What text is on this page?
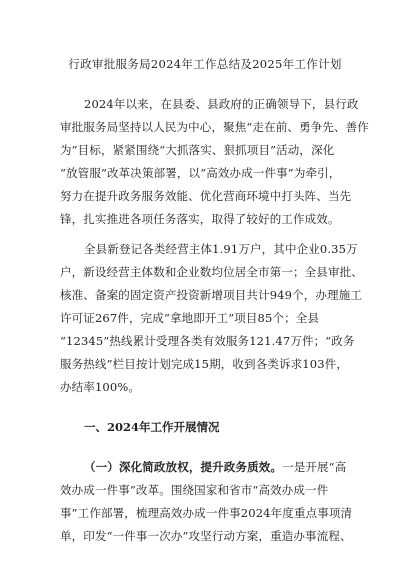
行政审批服务局2024年工作总结及2025年工作计划
2024年以来，在县委、县政府的正确领导下，县行政
审批服务局坚持以人民为中心，聚焦“走在前、勇争先、善作
为”目标，紧紧围绕“大抓落实、狠抓项目”活动，深化
“放管服”改革决策部署，以“高效办成一件事”为牵引，
努力在提升政务服务效能、优化营商环境中打头阵、当先
锋，扎实推进各项任务落实，取得了较好的工作成效。
全县新登记各类经营主体1.91万户，其中企业0.35万
户，新设经营主体数和企业数均位居全市第一；全县审批、
核准、备案的固定资产投资新增项目共计949个，办理施工
许可证267件，完成“拿地即开工”项目85个；全县
“12345”热线累计受理各类有效服务121.47万件；“政务
服务热线”栏目按计划完成15期，收到各类诉求103件，
办结率100%。
一、2024年工作开展情况
（一）深化简政放权，提升政务质效。一是开展“高
效办成一件事”改革。围绕国家和省市“高效办成一件
事”工作部署，梳理高效办成一件事2024年度重点事项清
单，印发“一件事一次办”攻坚行动方案，重造办事流程、
